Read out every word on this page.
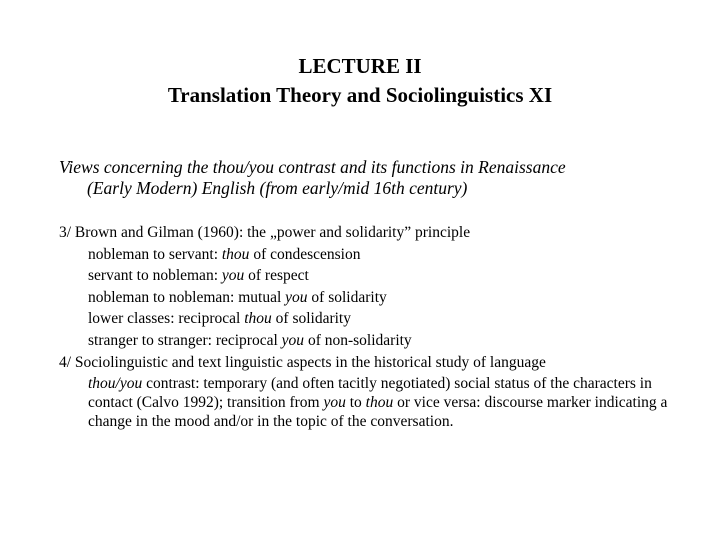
LECTURE II
Translation Theory and Sociolinguistics XI
Views concerning the thou/you contrast and its functions in Renaissance
(Early Modern) English (from early/mid 16th century)
3/ Brown and Gilman (1960): the „power and solidarity” principle
nobleman to servant: thou of condescension
servant to nobleman: you of respect
nobleman to nobleman: mutual you of solidarity
lower classes: reciprocal thou of solidarity
stranger to stranger: reciprocal you of non-solidarity
4/ Sociolinguistic and text linguistic aspects in the historical study of language
thou/you contrast: temporary (and often tacitly negotiated) social status of the characters in contact (Calvo 1992); transition from you to thou or vice versa: discourse marker indicating a change in the mood and/or in the topic of the conversation.
